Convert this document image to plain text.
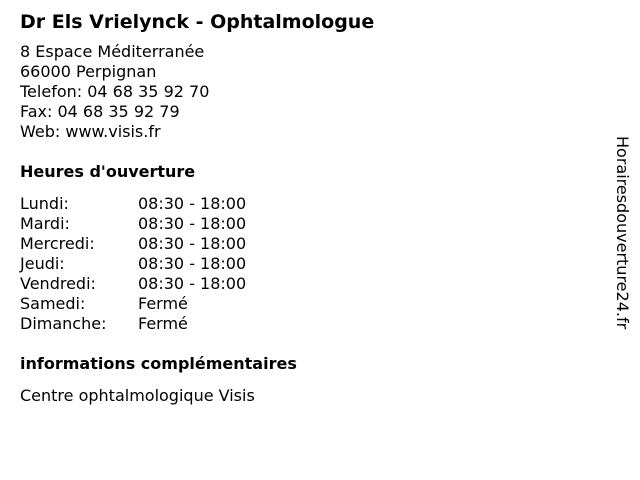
Dr Els Vrielynck - Ophtalmologue
8 Espace Méditerranée
66000 Perpignan
Telefon: 04 68 35 92 70
Fax: 04 68 35 92 79
Web: www.visis.fr
Heures d'ouverture
Lundi:	08:30 - 18:00
Mardi:	08:30 - 18:00
Mercredi:	08:30 - 18:00
Jeudi:	08:30 - 18:00
Vendredi:	08:30 - 18:00
Samedi:	Fermé
Dimanche:	Fermé
informations complémentaires
Centre ophtalmologique Visis
Horairesdouverture24.fr
